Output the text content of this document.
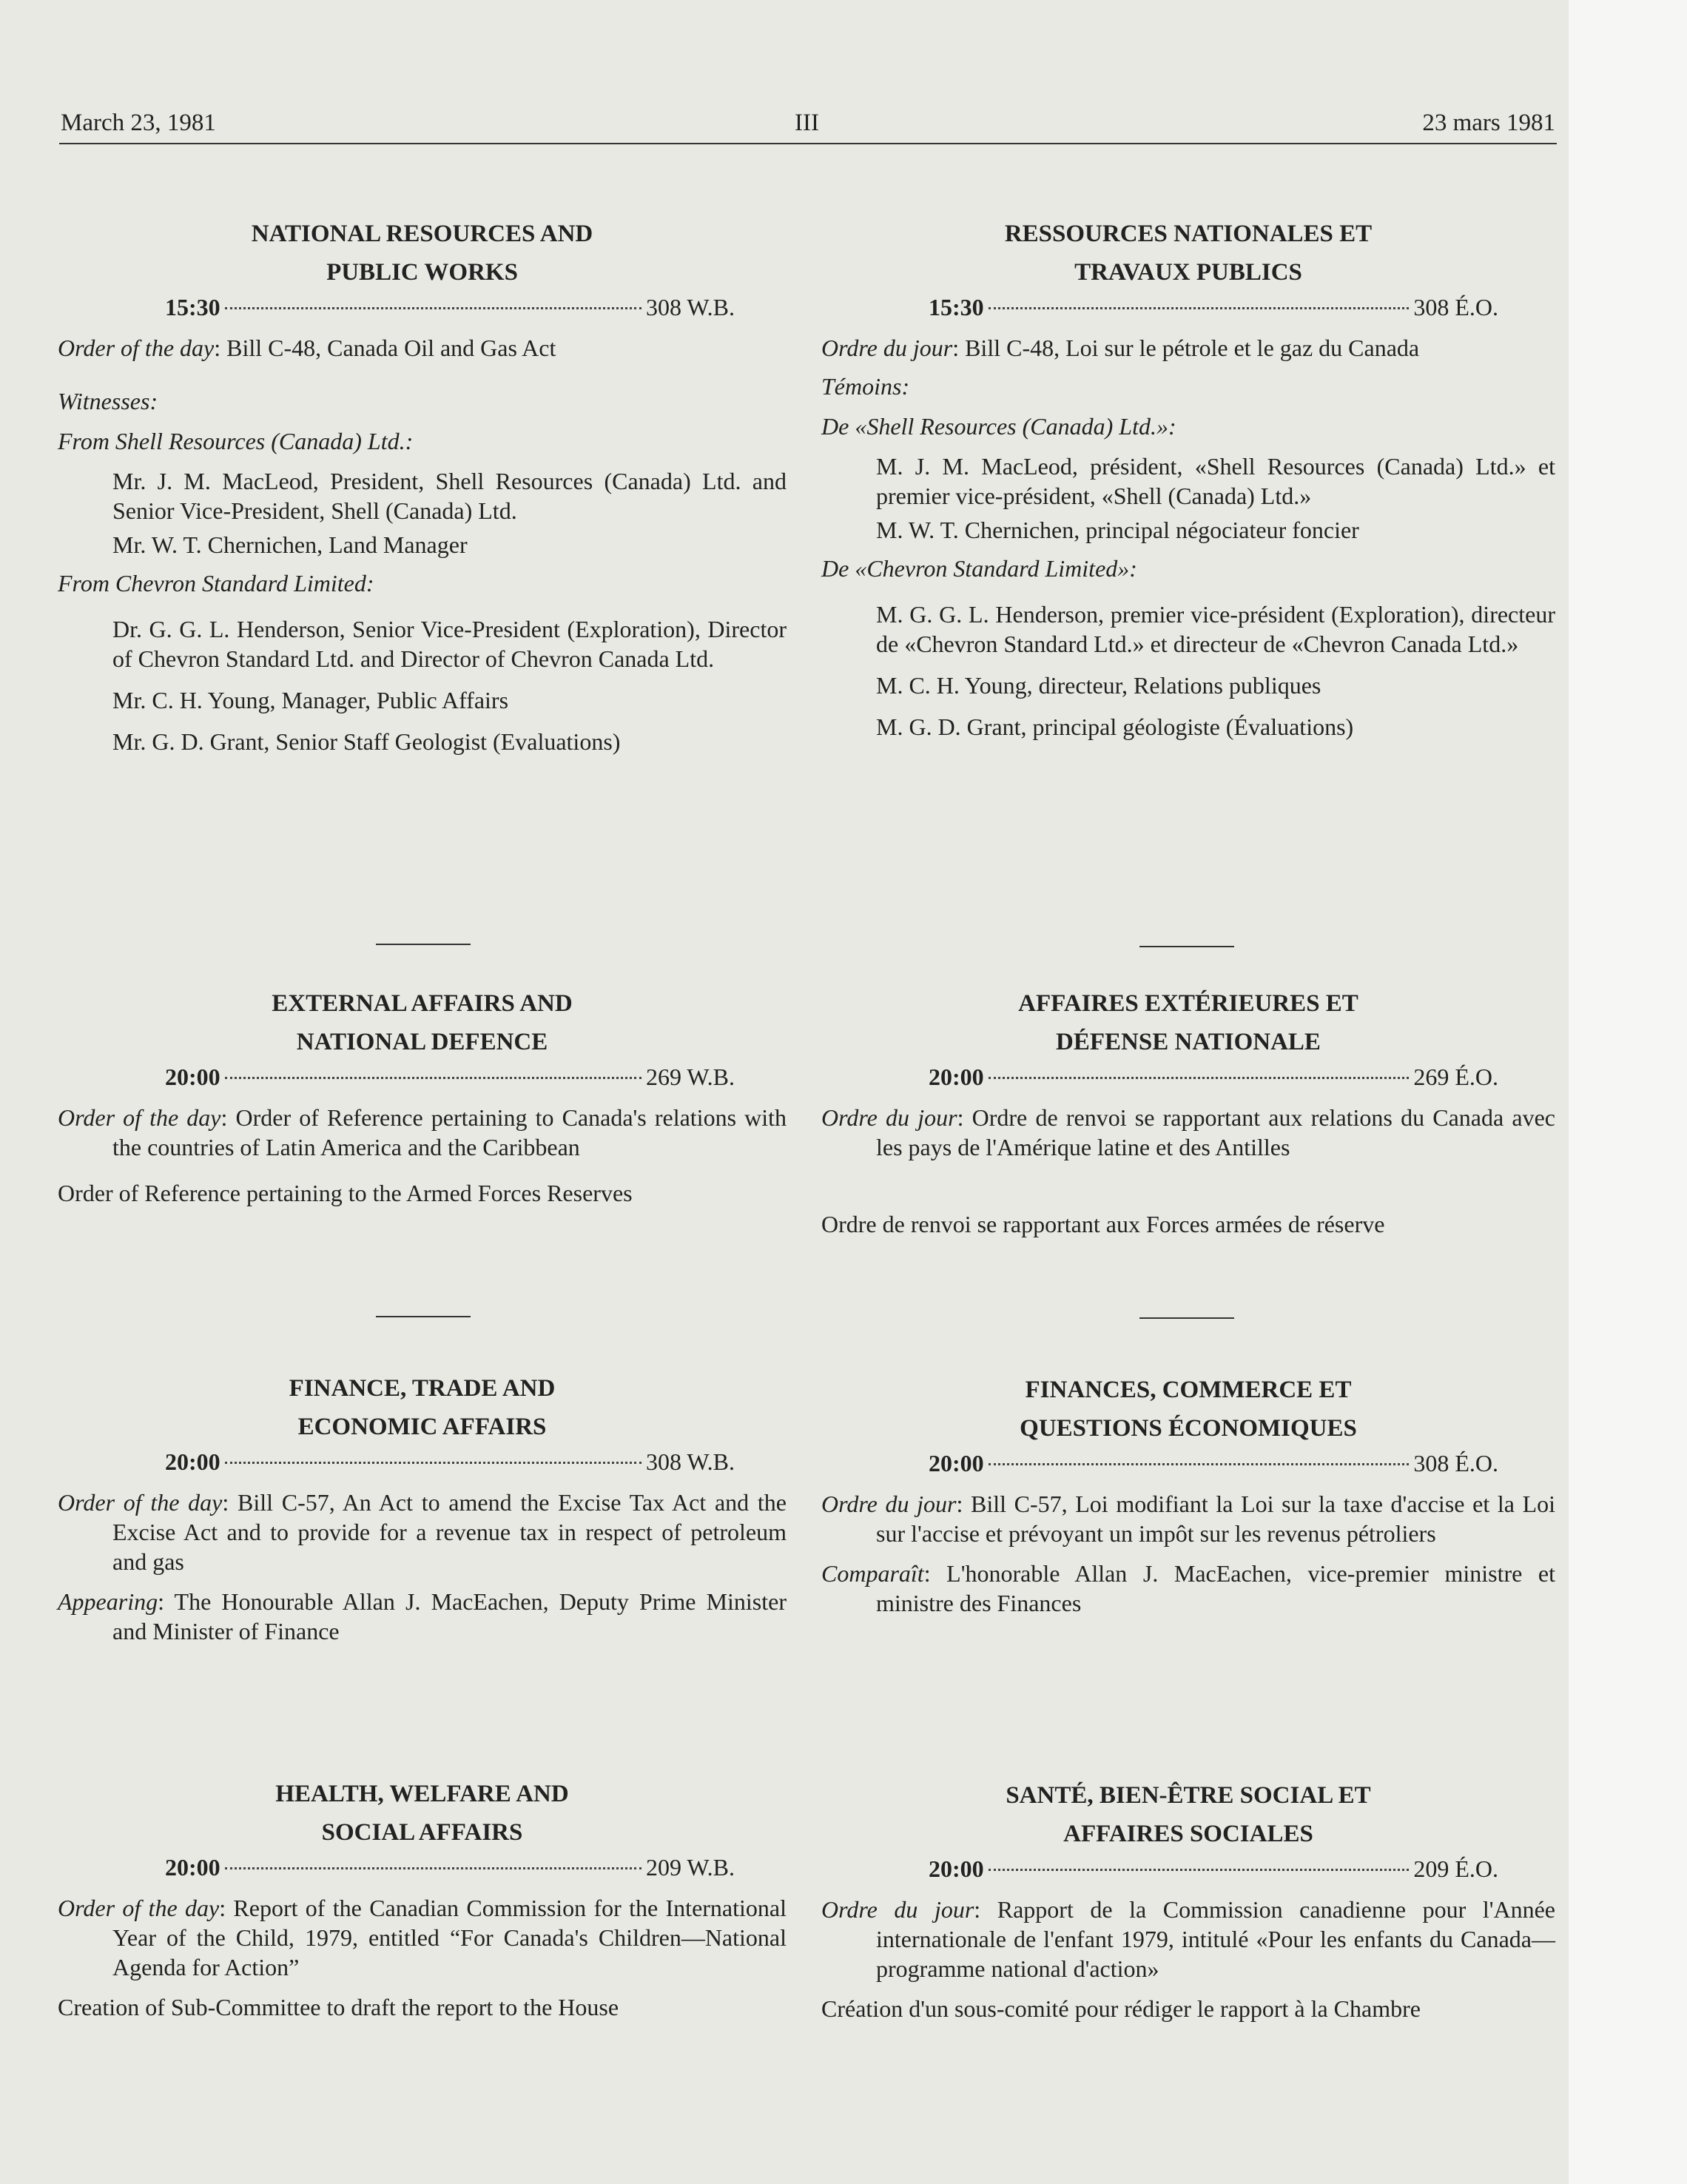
March 23, 1981	III	23 mars 1981
NATIONAL RESOURCES AND
PUBLIC WORKS
15:30	308 W.B.
Order of the day: Bill C-48, Canada Oil and Gas Act
Witnesses:
From Shell Resources (Canada) Ltd.:
Mr. J. M. MacLeod, President, Shell Resources (Canada) Ltd. and Senior Vice-President, Shell (Canada) Ltd.
Mr. W. T. Chernichen, Land Manager
From Chevron Standard Limited:
Dr. G. G. L. Henderson, Senior Vice-President (Exploration), Director of Chevron Standard Ltd. and Director of Chevron Canada Ltd.
Mr. C. H. Young, Manager, Public Affairs
Mr. G. D. Grant, Senior Staff Geologist (Evaluations)
EXTERNAL AFFAIRS AND
NATIONAL DEFENCE
20:00	269 W.B.
Order of the day: Order of Reference pertaining to Canada's relations with the countries of Latin America and the Caribbean
Order of Reference pertaining to the Armed Forces Reserves
FINANCE, TRADE AND
ECONOMIC AFFAIRS
20:00	308 W.B.
Order of the day: Bill C-57, An Act to amend the Excise Tax Act and the Excise Act and to provide for a revenue tax in respect of petroleum and gas
Appearing: The Honourable Allan J. MacEachen, Deputy Prime Minister and Minister of Finance
HEALTH, WELFARE AND
SOCIAL AFFAIRS
20:00	209 W.B.
Order of the day: Report of the Canadian Commission for the International Year of the Child, 1979, entitled “For Canada's Children—National Agenda for Action”
Creation of Sub-Committee to draft the report to the House
RESSOURCES NATIONALES ET
TRAVAUX PUBLICS
15:30	308 É.O.
Ordre du jour: Bill C-48, Loi sur le pétrole et le gaz du Canada
Témoins:
De «Shell Resources (Canada) Ltd.»:
M. J. M. MacLeod, président, «Shell Resources (Canada) Ltd.» et premier vice-président, «Shell (Canada) Ltd.»
M. W. T. Chernichen, principal négociateur foncier
De «Chevron Standard Limited»:
M. G. G. L. Henderson, premier vice-président (Exploration), directeur de «Chevron Standard Ltd.» et directeur de «Chevron Canada Ltd.»
M. C. H. Young, directeur, Relations publiques
M. G. D. Grant, principal géologiste (Évaluations)
AFFAIRES EXTÉRIEURES ET
DÉFENSE NATIONALE
20:00	269 É.O.
Ordre du jour: Ordre de renvoi se rapportant aux relations du Canada avec les pays de l'Amérique latine et des Antilles
Ordre de renvoi se rapportant aux Forces armées de réserve
FINANCES, COMMERCE ET
QUESTIONS ÉCONOMIQUES
20:00	308 É.O.
Ordre du jour: Bill C-57, Loi modifiant la Loi sur la taxe d'accise et la Loi sur l'accise et prévoyant un impôt sur les revenus pétroliers
Comparaît: L'honorable Allan J. MacEachen, vice-premier ministre et ministre des Finances
SANTÉ, BIEN-ÊTRE SOCIAL ET
AFFAIRES SOCIALES
20:00	209 É.O.
Ordre du jour: Rapport de la Commission canadienne pour l'Année internationale de l'enfant 1979, intitulé «Pour les enfants du Canada—programme national d'action»
Création d'un sous-comité pour rédiger le rapport à la Chambre
